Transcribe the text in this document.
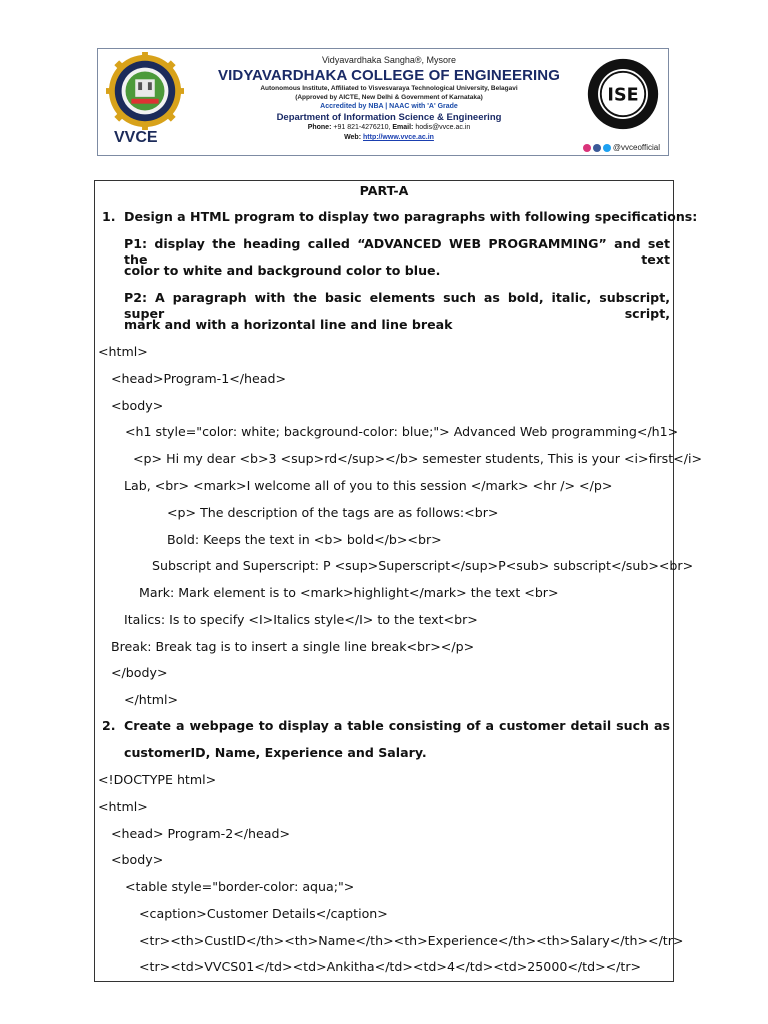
VVCE
Vidyavardhaka Sangha®, Mysore
VIDYAVARDHAKA COLLEGE OF ENGINEERING
Autonomous Institute, Affiliated to Visvesvaraya Technological University, Belagavi
(Approved by AICTE, New Delhi & Government of Karnataka)
Accredited by NBA | NAAC with 'A' Grade
Department of Information Science & Engineering
Phone: +91 821-4276210, Email: hodis@vvce.ac.in
Web: http://www.vvce.ac.in
ISE
@vvceofficial
PART-A
1. Design a HTML program to display two paragraphs with following specifications:
P1: display the heading called “ADVANCED WEB PROGRAMMING” and set the text
color to white and background color to blue.
P2: A paragraph with the basic elements such as bold, italic, subscript, super script,
mark and with a horizontal line and line break
<html>
<head>Program-1</head>
<body>
<h1 style="color: white; background-color: blue;"> Advanced Web programming</h1>
<p> Hi my dear <b>3 <sup>rd</sup></b> semester students, This is your <i>first</i>
Lab, <br> <mark>I welcome all of you to this session </mark> <hr /> </p>
<p> The description of the tags are as follows:<br>
Bold: Keeps the text in <b> bold</b><br>
Subscript and Superscript: P <sup>Superscript</sup>P<sub> subscript</sub><br>
Mark: Mark element is to <mark>highlight</mark> the text <br>
Italics: Is to specify <I>Italics style</I> to the text<br>
Break: Break tag is to insert a single line break<br></p>
</body>
</html>
2. Create a webpage to display a table consisting of a customer detail such as
customerID, Name, Experience and Salary.
<!DOCTYPE html>
<html>
<head> Program-2</head>
<body>
<table style="border-color: aqua;">
<caption>Customer Details</caption>
<tr><th>CustID</th><th>Name</th><th>Experience</th><th>Salary</th></tr>
<tr><td>VVCS01</td><td>Ankitha</td><td>4</td><td>25000</td></tr>
